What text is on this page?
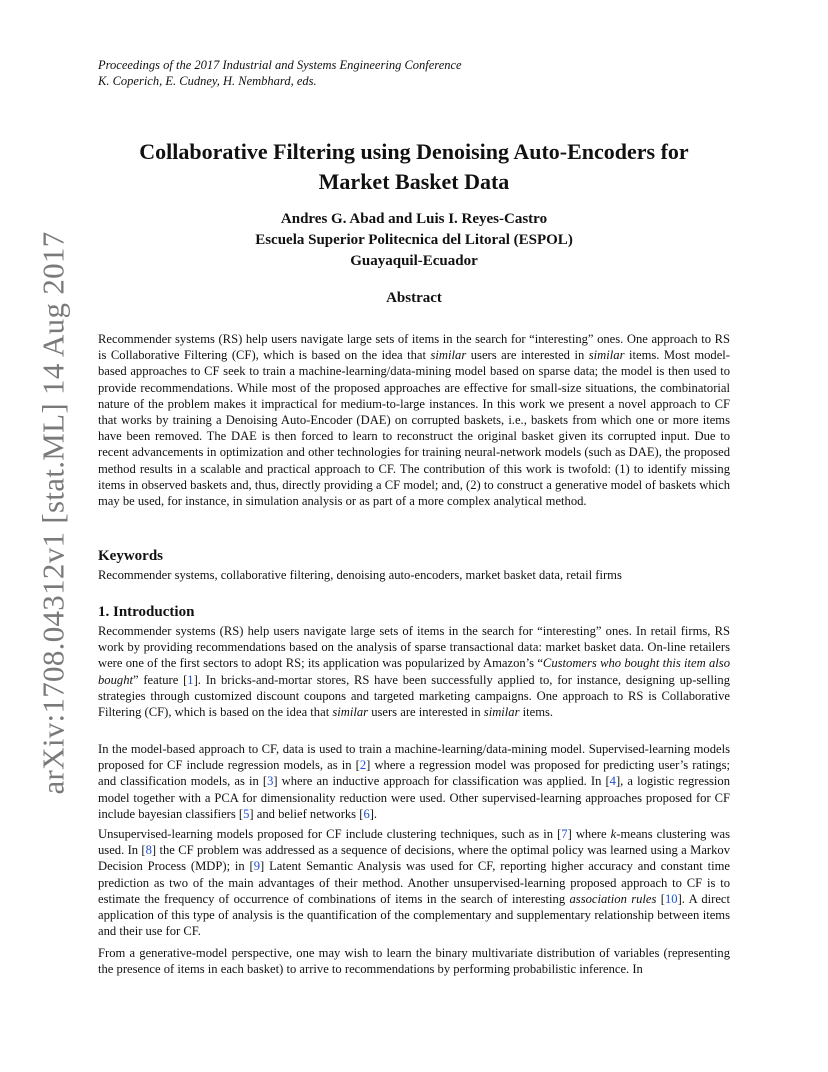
Proceedings of the 2017 Industrial and Systems Engineering Conference
K. Coperich, E. Cudney, H. Nembhard, eds.
arXiv:1708.04312v1 [stat.ML] 14 Aug 2017
Collaborative Filtering using Denoising Auto-Encoders for
Market Basket Data
Andres G. Abad and Luis I. Reyes-Castro
Escuela Superior Politecnica del Litoral (ESPOL)
Guayaquil-Ecuador
Abstract

Recommender systems (RS) help users navigate large sets of items in the search for “interesting” ones. One approach to RS is Collaborative Filtering (CF), which is based on the idea that similar users are interested in similar items. Most model-based approaches to CF seek to train a machine-learning/data-mining model based on sparse data; the model is then used to provide recommendations. While most of the proposed approaches are effective for small-size situations, the combinatorial nature of the problem makes it impractical for medium-to-large instances. In this work we present a novel approach to CF that works by training a Denoising Auto-Encoder (DAE) on corrupted baskets, i.e., baskets from which one or more items have been removed. The DAE is then forced to learn to reconstruct the original basket given its corrupted input. Due to recent advancements in optimization and other technologies for training neural-network models (such as DAE), the proposed method results in a scalable and practical approach to CF. The contribution of this work is twofold: (1) to identify missing items in observed baskets and, thus, directly providing a CF model; and, (2) to construct a generative model of baskets which may be used, for instance, in simulation analysis or as part of a more complex analytical method.

Keywords
Recommender systems, collaborative filtering, denoising auto-encoders, market basket data, retail firms
1. Introduction

Recommender systems (RS) help users navigate large sets of items in the search for “interesting” ones. In retail firms, RS work by providing recommendations based on the analysis of sparse transactional data: market basket data. On-line retailers were one of the first sectors to adopt RS; its application was popularized by Amazon’s “Customers who bought this item also bought” feature [1]. In bricks-and-mortar stores, RS have been successfully applied to, for instance, designing up-selling strategies through customized discount coupons and targeted marketing campaigns. One approach to RS is Collaborative Filtering (CF), which is based on the idea that similar users are interested in similar items.

In the model-based approach to CF, data is used to train a machine-learning/data-mining model. Supervised-learning models proposed for CF include regression models, as in [2] where a regression model was proposed for predicting user’s ratings; and classification models, as in [3] where an inductive approach for classification was applied. In [4], a logistic regression model together with a PCA for dimensionality reduction were used. Other supervised-learning approaches proposed for CF include bayesian classifiers [5] and belief networks [6].

Unsupervised-learning models proposed for CF include clustering techniques, such as in [7] where k-means clustering was used. In [8] the CF problem was addressed as a sequence of decisions, where the optimal policy was learned using a Markov Decision Process (MDP); in [9] Latent Semantic Analysis was used for CF, reporting higher accuracy and constant time prediction as two of the main advantages of their method. Another unsupervised-learning proposed approach to CF is to estimate the frequency of occurrence of combinations of items in the search of interesting association rules [10]. A direct application of this type of analysis is the quantification of the complementary and supplementary relationship between items and their use for CF.

From a generative-model perspective, one may wish to learn the binary multivariate distribution of variables (representing the presence of items in each basket) to arrive to recommendations by performing probabilistic inference. In
